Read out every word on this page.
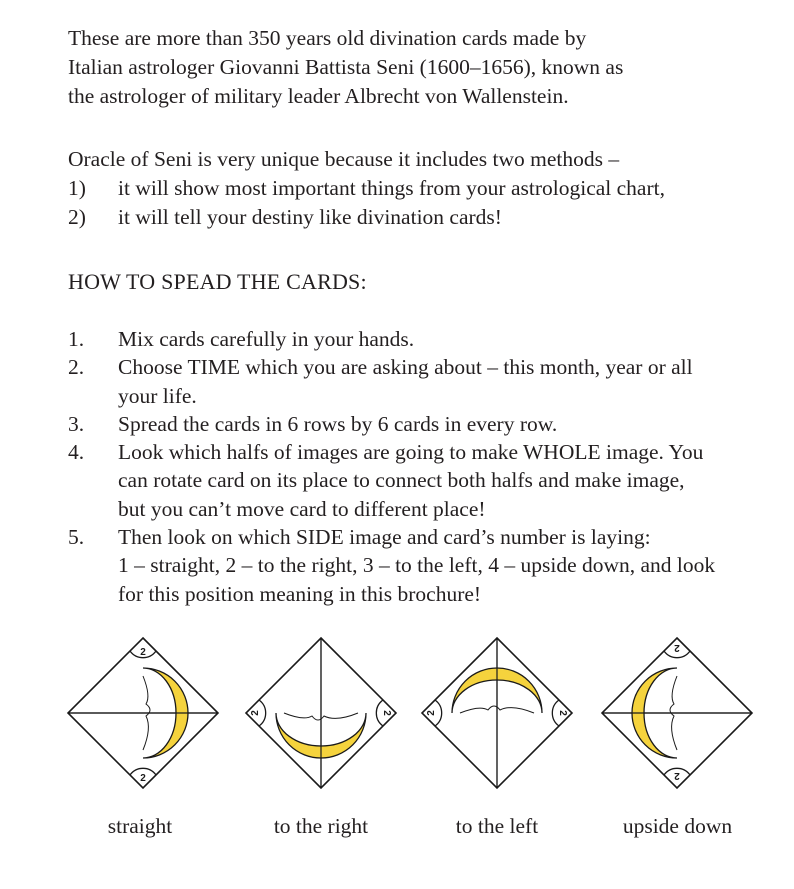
These are more than 350 years old divination cards made by
Italian astrologer Giovanni Battista Seni (1600–1656), known as
the astrologer of military leader Albrecht von Wallenstein.
Oracle of Seni is very unique because it includes two methods –
1) it will show most important things from your astrological chart,
2) it will tell your destiny like divination cards!
HOW TO SPEAD THE CARDS:
1. Mix cards carefully in your hands.
2. Choose TIME which you are asking about – this month, year or all
your life.
3. Spread the cards in 6 rows by 6 cards in every row.
4. Look which halfs of images are going to make WHOLE image. You
can rotate card on its place to connect both halfs and make image,
but you can’t move card to different place!
5. Then look on which SIDE image and card’s number is laying:
1 – straight, 2 – to the right, 3 – to the left, 4 – upside down, and look
for this position meaning in this brochure!
2
2
2	2	2	2
2
2
straight	to the right	to the left	upside down
